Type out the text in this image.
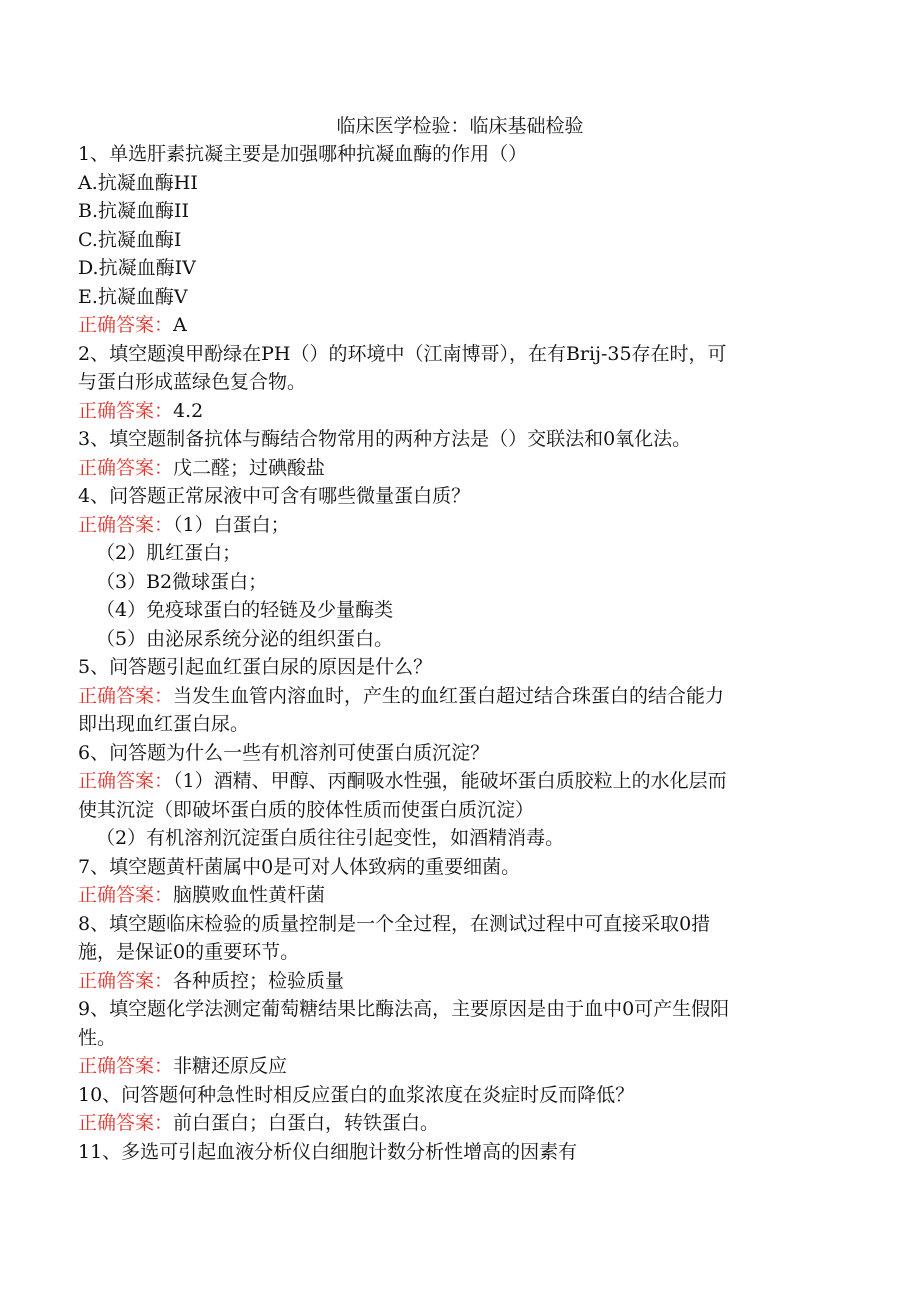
临床医学检验：临床基础检验
1、单选肝素抗凝主要是加强哪种抗凝血酶的作用（）
A.抗凝血酶HI
B.抗凝血酶II
C.抗凝血酶I
D.抗凝血酶IV
E.抗凝血酶V
正确答案：A
2、填空题溴甲酚绿在PH（）的环境中（江南博哥），在有Brij-35存在时，可
与蛋白形成蓝绿色复合物。
正确答案：4.2
3、填空题制备抗体与酶结合物常用的两种方法是（）交联法和0氧化法。
正确答案：戊二醛；过碘酸盐
4、问答题正常尿液中可含有哪些微量蛋白质？
正确答案：（1）白蛋白；
（2）肌红蛋白；
（3）B2微球蛋白；
（4）免疫球蛋白的轻链及少量酶类
（5）由泌尿系统分泌的组织蛋白。
5、问答题引起血红蛋白尿的原因是什么？
正确答案：当发生血管内溶血时，产生的血红蛋白超过结合珠蛋白的结合能力
即出现血红蛋白尿。
6、问答题为什么一些有机溶剂可使蛋白质沉淀？
正确答案：（1）酒精、甲醇、丙酮吸水性强，能破坏蛋白质胶粒上的水化层而
使其沉淀（即破坏蛋白质的胶体性质而使蛋白质沉淀）
（2）有机溶剂沉淀蛋白质往往引起变性，如酒精消毒。
7、填空题黄杆菌属中0是可对人体致病的重要细菌。
正确答案：脑膜败血性黄杆菌
8、填空题临床检验的质量控制是一个全过程，在测试过程中可直接采取0措
施，是保证0的重要环节。
正确答案：各种质控；检验质量
9、填空题化学法测定葡萄糖结果比酶法高，主要原因是由于血中0可产生假阳
性。
正确答案：非糖还原反应
10、问答题何种急性时相反应蛋白的血浆浓度在炎症时反而降低？
正确答案：前白蛋白；白蛋白，转铁蛋白。
11、多选可引起血液分析仪白细胞计数分析性增高的因素有
